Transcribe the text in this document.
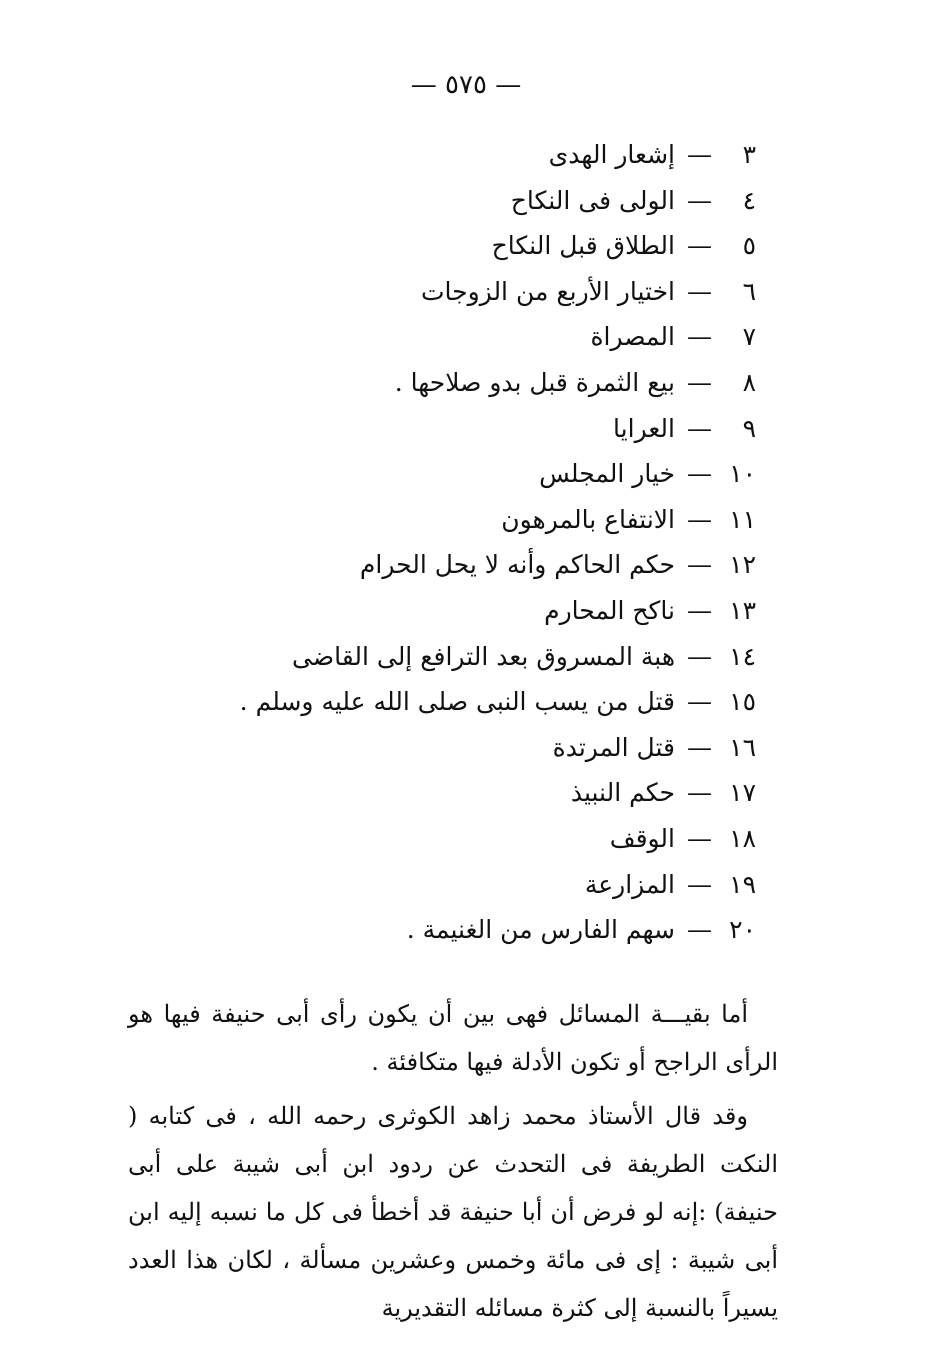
— ٥٧٥ —
٣—إشعار الهدى
٤—الولى فى النكاح
٥—الطلاق قبل النكاح
٦—اختيار الأربع من الزوجات
٧—المصراة
٨—بيع الثمرة قبل بدو صلاحها .
٩—العرايا
١٠—خيار المجلس
١١—الانتفاع بالمرهون
١٢—حكم الحاكم وأنه لا يحل الحرام
١٣—ناكح المحارم
١٤—هبة المسروق بعد الترافع إلى القاضى
١٥—قتل من يسب النبى صلى الله عليه وسلم .
١٦—قتل المرتدة
١٧—حكم النبيذ
١٨—الوقف
١٩—المزارعة
٢٠—سهم الفارس من الغنيمة .

أما بقيـــة المسائل فهى بين أن يكون رأى أبى حنيفة فيها هو الرأى الراجح أو تكون الأدلة فيها متكافئة .

وقد قال الأستاذ محمد زاهد الكوثرى رحمه الله ، فى كتابه ( النكت الطريفة فى التحدث عن ردود ابن أبى شيبة على أبى حنيفة) :إنه لو فرض أن أبا حنيفة قد أخطأ فى كل ما نسبه إليه ابن أبى شيبة : إى فى مائة وخمس وعشرين مسألة ، لكان هذا العدد يسيراً بالنسبة إلى كثرة مسائله التقديرية
